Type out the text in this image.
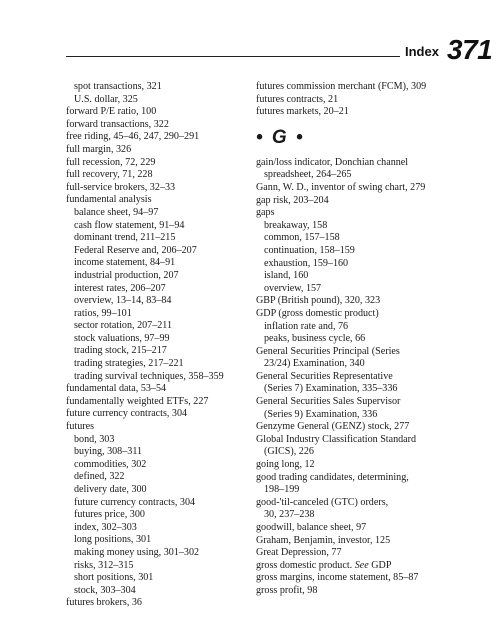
Index 371
spot transactions, 321
U.S. dollar, 325
forward P/E ratio, 100
forward transactions, 322
free riding, 45–46, 247, 290–291
full margin, 326
full recession, 72, 229
full recovery, 71, 228
full-service brokers, 32–33
fundamental analysis
balance sheet, 94–97
cash flow statement, 91–94
dominant trend, 211–215
Federal Reserve and, 206–207
income statement, 84–91
industrial production, 207
interest rates, 206–207
overview, 13–14, 83–84
ratios, 99–101
sector rotation, 207–211
stock valuations, 97–99
trading stock, 215–217
trading strategies, 217–221
trading survival techniques, 358–359
fundamental data, 53–54
fundamentally weighted ETFs, 227
future currency contracts, 304
futures
bond, 303
buying, 308–311
commodities, 302
defined, 322
delivery date, 300
future currency contracts, 304
futures price, 300
index, 302–303
long positions, 301
making money using, 301–302
risks, 312–315
short positions, 301
stock, 303–304
futures brokers, 36
futures commission merchant (FCM), 309
futures contracts, 21
futures markets, 20–21
• G •
gain/loss indicator, Donchian channel
spreadsheet, 264–265
Gann, W. D., inventor of swing chart, 279
gap risk, 203–204
gaps
breakaway, 158
common, 157–158
continuation, 158–159
exhaustion, 159–160
island, 160
overview, 157
GBP (British pound), 320, 323
GDP (gross domestic product)
inflation rate and, 76
peaks, business cycle, 66
General Securities Principal (Series
23/24) Examination, 340
General Securities Representative
(Series 7) Examination, 335–336
General Securities Sales Supervisor
(Series 9) Examination, 336
Genzyme General (GENZ) stock, 277
Global Industry Classification Standard
(GICS), 226
going long, 12
good trading candidates, determining,
198–199
good-'til-canceled (GTC) orders,
30, 237–238
goodwill, balance sheet, 97
Graham, Benjamin, investor, 125
Great Depression, 77
gross domestic product. See GDP
gross margins, income statement, 85–87
gross profit, 98
